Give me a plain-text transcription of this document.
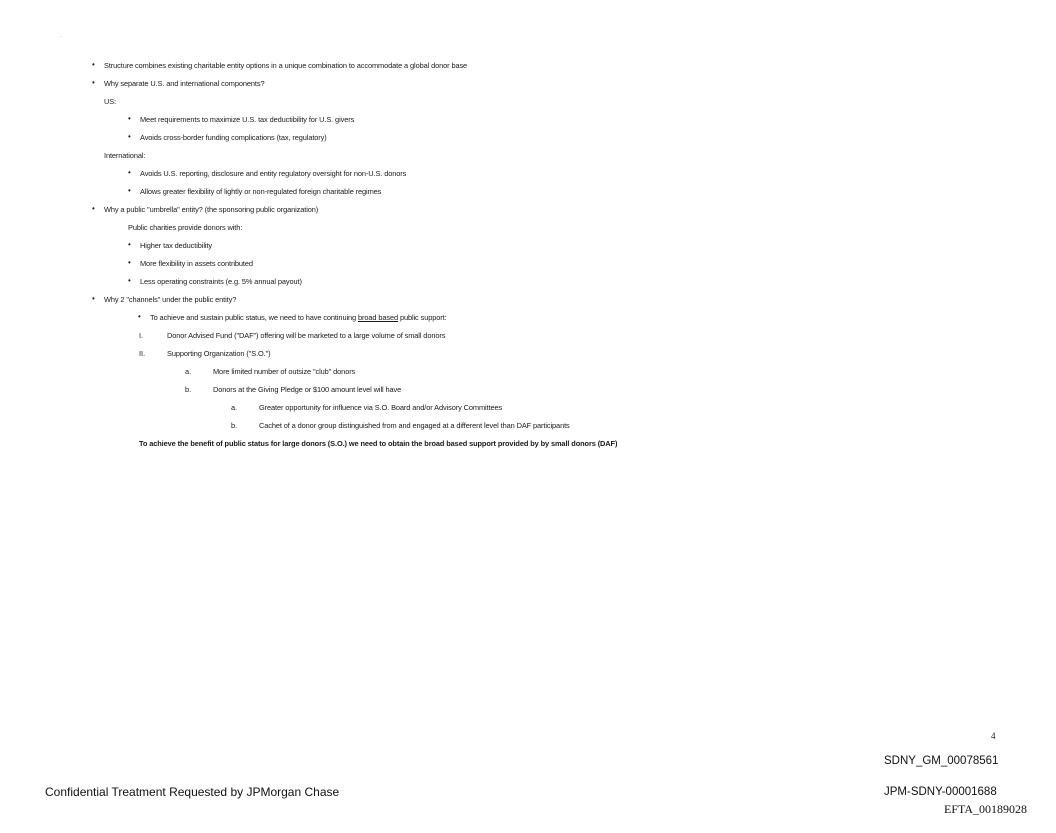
·
• Structure combines existing charitable entity options in a unique combination to accommodate a global donor base
• Why separate U.S. and international components?
US:
• Meet requirements to maximize U.S. tax deductibility for U.S. givers
• Avoids cross-border funding complications (tax, regulatory)
International:
• Avoids U.S. reporting, disclosure and entity regulatory oversight for non-U.S. donors
• Allows greater flexibility of lightly or non-regulated foreign charitable regimes
• Why a public "umbrella" entity? (the sponsoring public organization)
Public charities provide donors with:
• Higher tax deductibility
• More flexibility in assets contributed
• Less operating constraints (e.g. 5% annual payout)
• Why 2 "channels" under the public entity?
• To achieve and sustain public status, we need to have continuing broad based public support:
I.	Donor Advised Fund ("DAF") offering will be marketed to a large volume of small donors
II.	Supporting Organization ("S.O.")
a.	More limited number of outsize "club" donors
b.	Donors at the Giving Pledge or $100 amount level will have
a.	Greater opportunity for influence via S.O. Board and/or Advisory Committees
b.	Cachet of a donor group distinguished from and engaged at a different level than DAF participants
To achieve the benefit of public status for large donors (S.O.) we need to obtain the broad based support provided by by small donors (DAF)
4
SDNY_GM_00078561
Confidential Treatment Requested by JPMorgan Chase	JPM-SDNY-00001688
EFTA_00189028
